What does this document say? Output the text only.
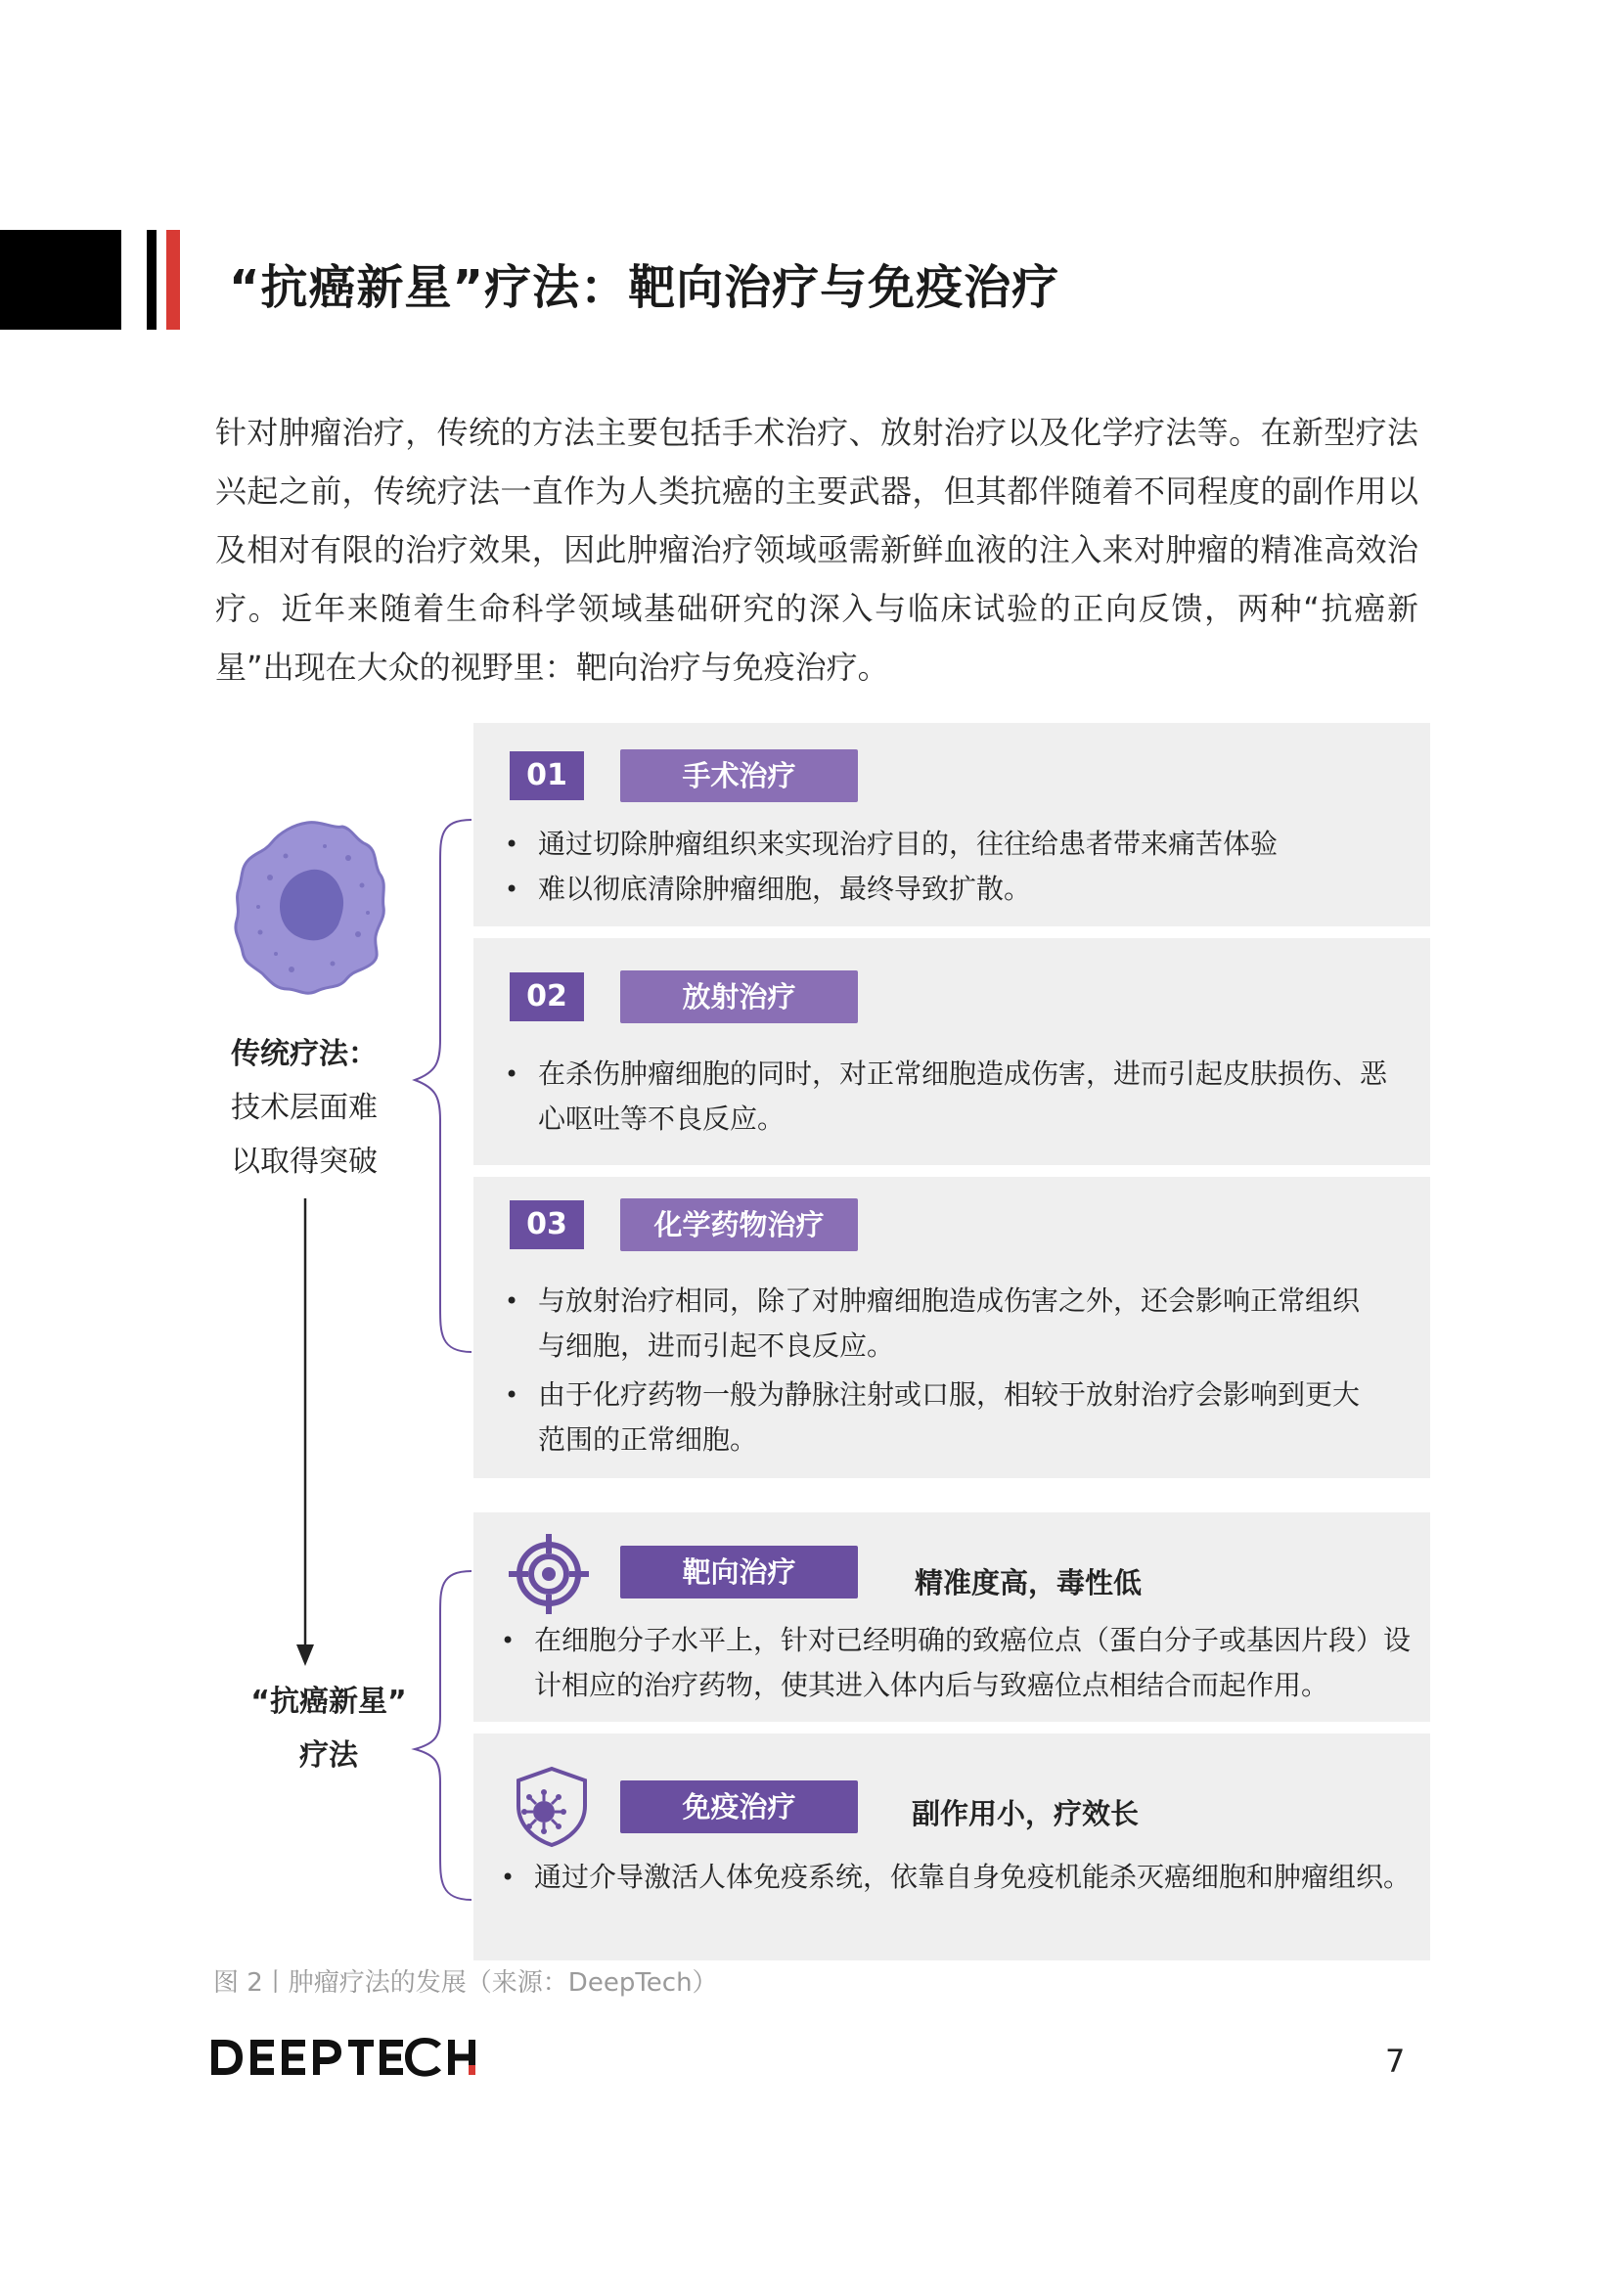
“抗癌新星”疗法：靶向治疗与免疫治疗

针对肿瘤治疗，传统的方法主要包括手术治疗、放射治疗以及化学疗法等。在新型疗法兴起之前，传统疗法一直作为人类抗癌的主要武器，但其都伴随着不同程度的副作用以及相对有限的治疗效果，因此肿瘤治疗领域亟需新鲜血液的注入来对肿瘤的精准高效治疗。近年来随着生命科学领域基础研究的深入与临床试验的正向反馈，两种“抗癌新星”出现在大众的视野里：靶向治疗与免疫治疗。

传统疗法：
技术层面难
以取得突破
“抗癌新星”
疗法
01	手术治疗
• 通过切除肿瘤组织来实现治疗目的，往往给患者带来痛苦体验
• 难以彻底清除肿瘤细胞，最终导致扩散。
02	放射治疗
• 在杀伤肿瘤细胞的同时，对正常细胞造成伤害，进而引起皮肤损伤、恶心呕吐等不良反应。
03	化学药物治疗
• 与放射治疗相同，除了对肿瘤细胞造成伤害之外，还会影响正常组织与细胞，进而引起不良反应。
• 由于化疗药物一般为静脉注射或口服，相较于放射治疗会影响到更大范围的正常细胞。
靶向治疗	精准度高，毒性低
• 在细胞分子水平上，针对已经明确的致癌位点（蛋白分子或基因片段）设计相应的治疗药物，使其进入体内后与致癌位点相结合而起作用。
免疫治疗	副作用小，疗效长
• 通过介导激活人体免疫系统，依靠自身免疫机能杀灭癌细胞和肿瘤组织。
图 2丨肿瘤疗法的发展（来源：DeepTech）
7
